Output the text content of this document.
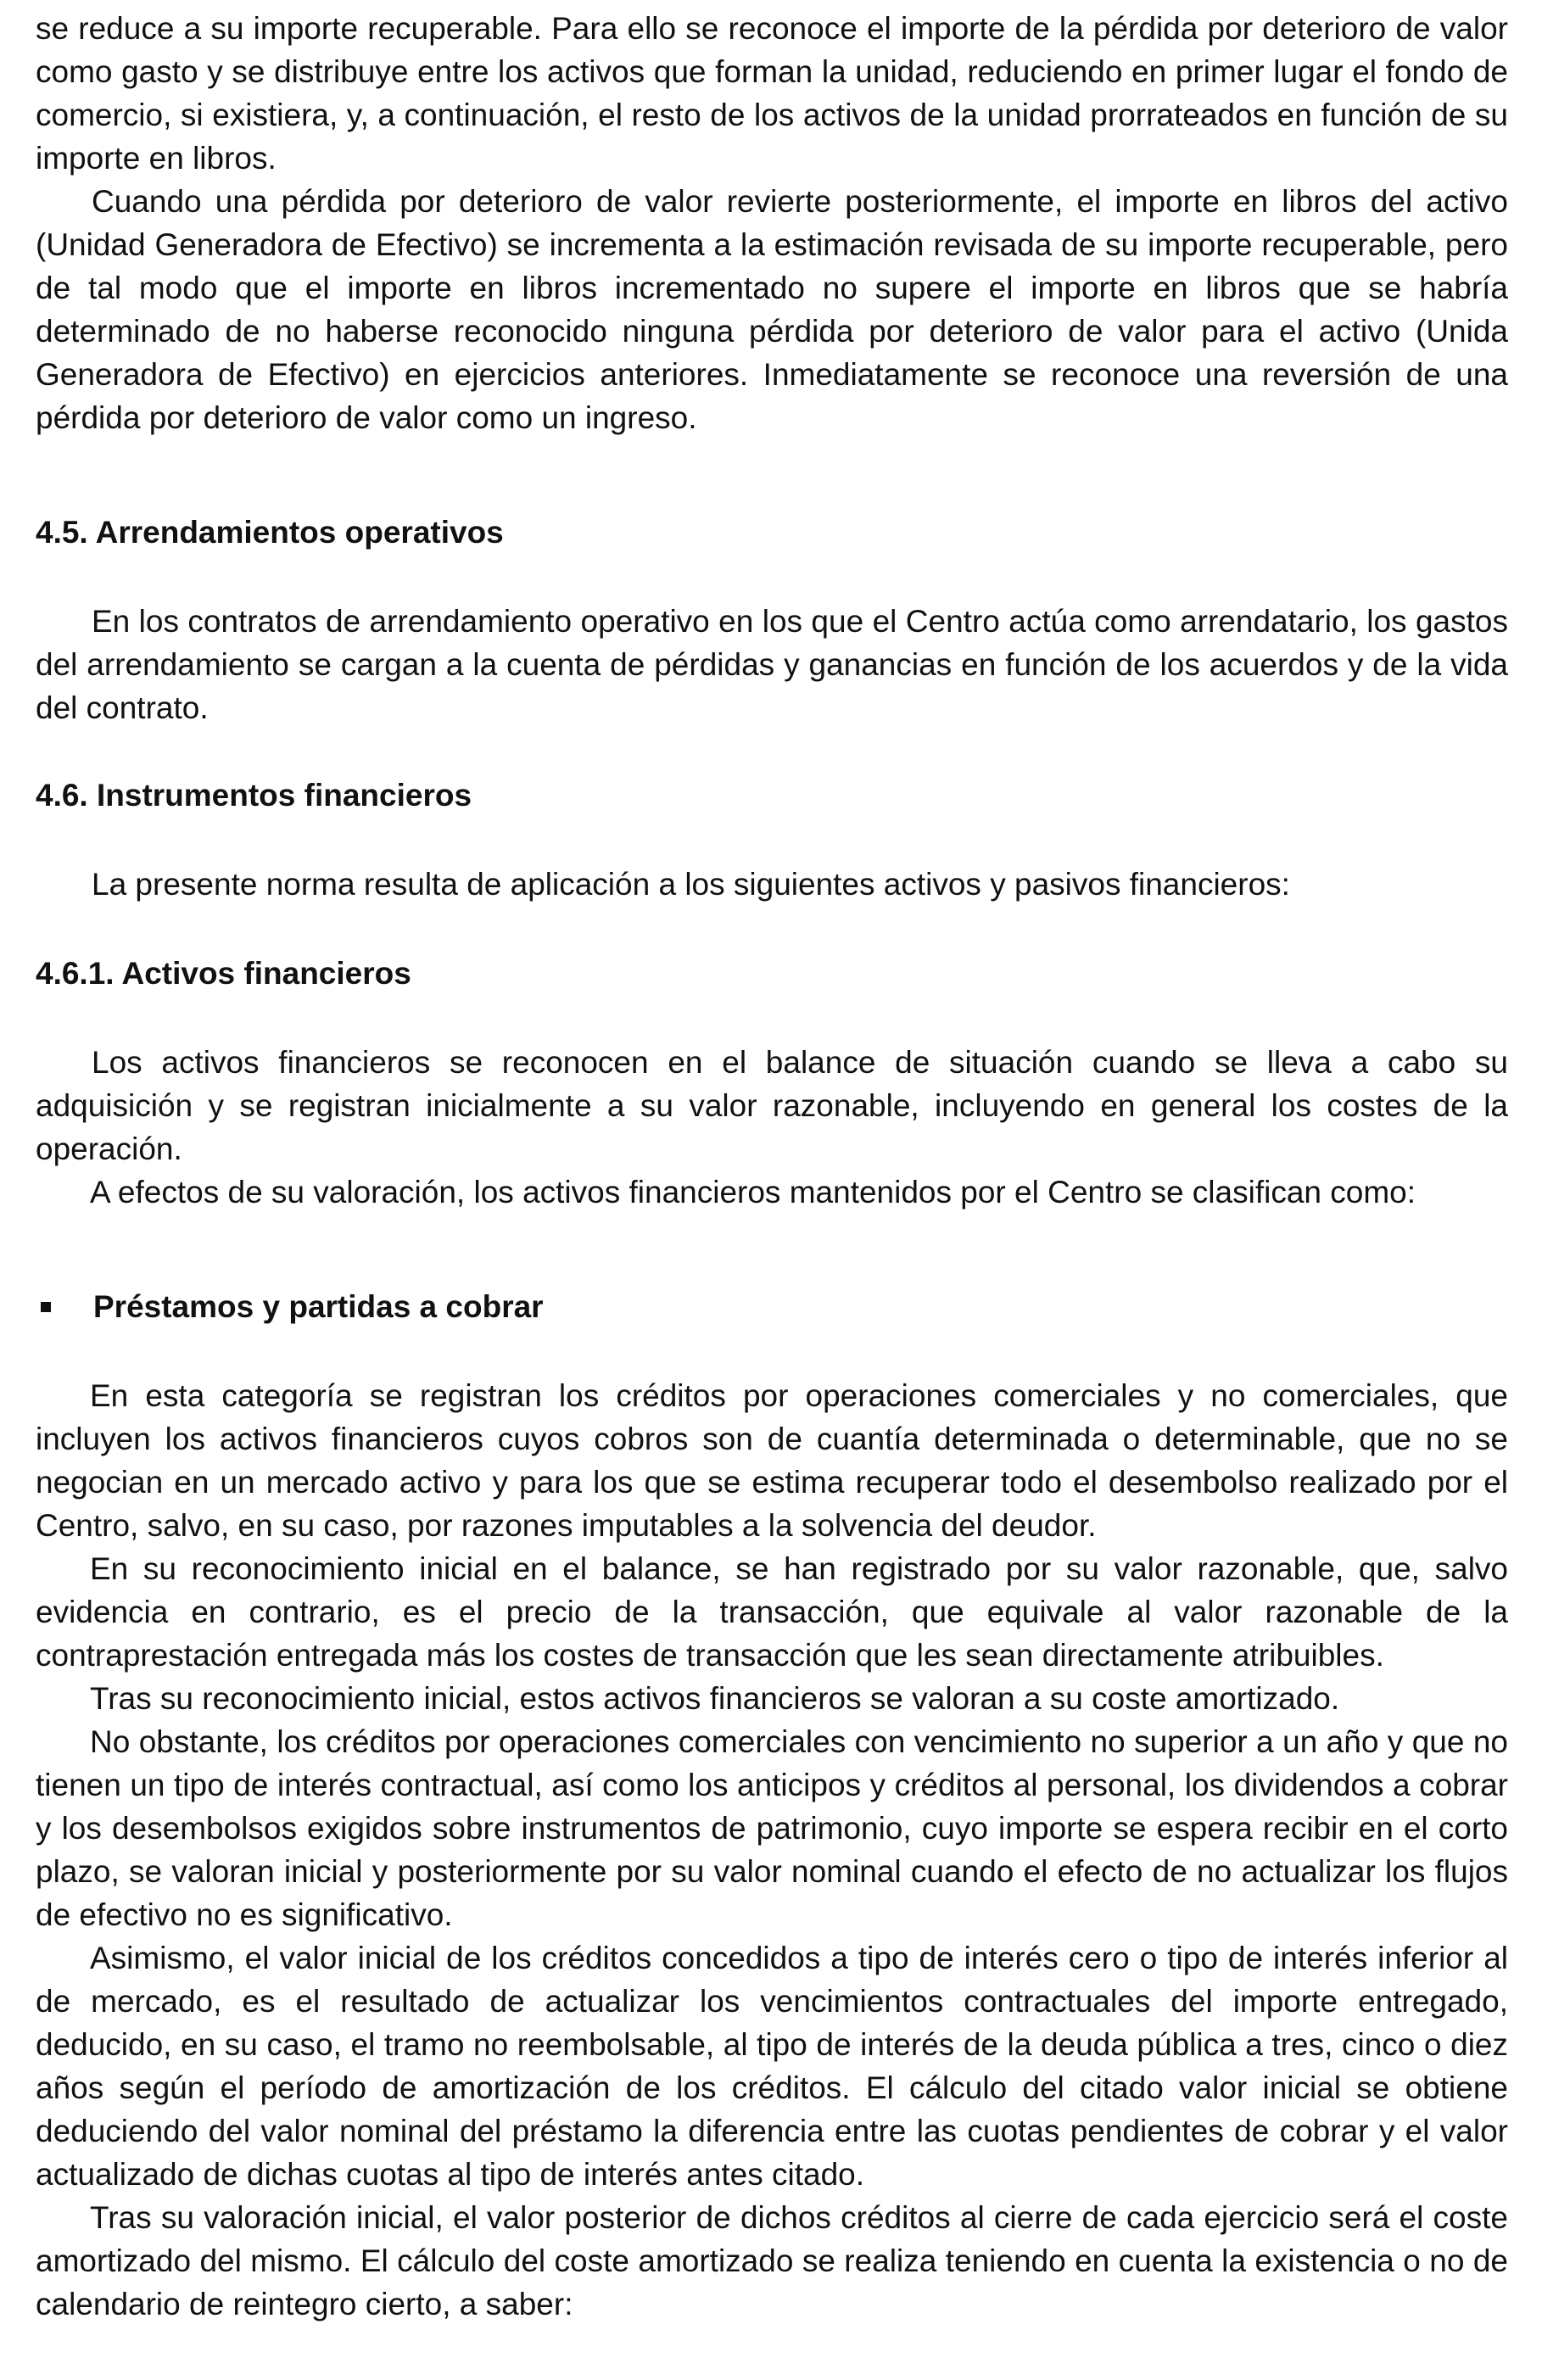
se reduce a su importe recuperable. Para ello se reconoce el importe de la pérdida por deterioro de valor como gasto y se distribuye entre los activos que forman la unidad, reduciendo en primer lugar el fondo de comercio, si existiera, y, a continuación, el resto de los activos de la unidad prorrateados en función de su importe en libros.

Cuando una pérdida por deterioro de valor revierte posteriormente, el importe en libros del activo (Unidad Generadora de Efectivo) se incrementa a la estimación revisada de su importe recuperable, pero de tal modo que el importe en libros incrementado no supere el importe en libros que se habría determinado de no haberse reconocido ninguna pérdida por deterioro de valor para el activo (Unida Generadora de Efectivo) en ejercicios anteriores. Inmediatamente se reconoce una reversión de una pérdida por deterioro de valor como un ingreso.

4.5. Arrendamientos operativos

En los contratos de arrendamiento operativo en los que el Centro actúa como arrendatario, los gastos del arrendamiento se cargan a la cuenta de pérdidas y ganancias en función de los acuerdos y de la vida del contrato.

4.6. Instrumentos financieros

La presente norma resulta de aplicación a los siguientes activos y pasivos financieros:

4.6.1. Activos financieros

Los activos financieros se reconocen en el balance de situación cuando se lleva a cabo su adquisición y se registran inicialmente a su valor razonable, incluyendo en general los costes de la operación.

A efectos de su valoración, los activos financieros mantenidos por el Centro se clasifican como:

Préstamos y partidas a cobrar

En esta categoría se registran los créditos por operaciones comerciales y no comerciales, que incluyen los activos financieros cuyos cobros son de cuantía determinada o determinable, que no se negocian en un mercado activo y para los que se estima recuperar todo el desembolso realizado por el Centro, salvo, en su caso, por razones imputables a la solvencia del deudor.

En su reconocimiento inicial en el balance, se han registrado por su valor razonable, que, salvo evidencia en contrario, es el precio de la transacción, que equivale al valor razonable de la contraprestación entregada más los costes de transacción que les sean directamente atribuibles.

Tras su reconocimiento inicial, estos activos financieros se valoran a su coste amortizado.

No obstante, los créditos por operaciones comerciales con vencimiento no superior a un año y que no tienen un tipo de interés contractual, así como los anticipos y créditos al personal, los dividendos a cobrar y los desembolsos exigidos sobre instrumentos de patrimonio, cuyo importe se espera recibir en el corto plazo, se valoran inicial y posteriormente por su valor nominal cuando el efecto de no actualizar los flujos de efectivo no es significativo.

Asimismo, el valor inicial de los créditos concedidos a tipo de interés cero o tipo de interés inferior al de mercado, es el resultado de actualizar los vencimientos contractuales del importe entregado, deducido, en su caso, el tramo no reembolsable, al tipo de interés de la deuda pública a tres, cinco o diez años según el período de amortización de los créditos. El cálculo del citado valor inicial se obtiene deduciendo del valor nominal del préstamo la diferencia entre las cuotas pendientes de cobrar y el valor actualizado de dichas cuotas al tipo de interés antes citado.

Tras su valoración inicial, el valor posterior de dichos créditos al cierre de cada ejercicio será el coste amortizado del mismo. El cálculo del coste amortizado se realiza teniendo en cuenta la existencia o no de calendario de reintegro cierto, a saber:
